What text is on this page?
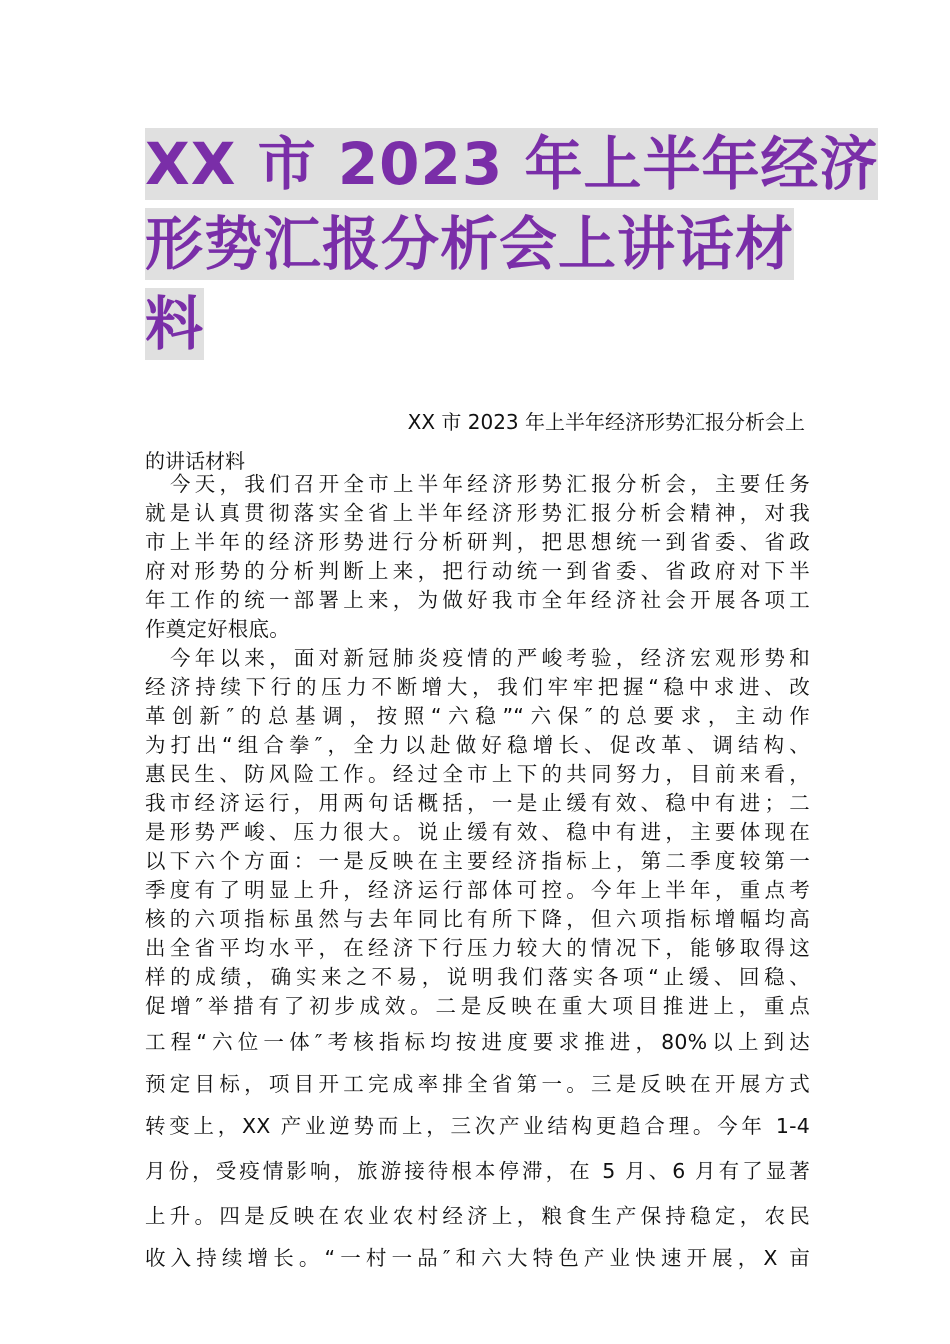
XX 市 2023 年上半年经济
形势汇报分析会上讲话材
料
XX 市 2023 年上半年经济形势汇报分析会上
的讲话材料
今天，我们召开全市上半年经济形势汇报分析会，主要任务
就是认真贯彻落实全省上半年经济形势汇报分析会精神，对我
市上半年的经济形势进行分析研判，把思想统一到省委、省政
府对形势的分析判断上来，把行动统一到省委、省政府对下半
年工作的统一部署上来，为做好我市全年经济社会开展各项工
作奠定好根底。
今年以来，面对新冠肺炎疫情的严峻考验，经济宏观形势和
经济持续下行的压力不断增大，我们牢牢把握“稳中求进、改
革创新″的总基调，按照“六稳”“六保″的总要求，主动作
为打出“组合拳″，全力以赴做好稳增长、促改革、调结构、
惠民生、防风险工作。经过全市上下的共同努力，目前来看，
我市经济运行，用两句话概括，一是止缓有效、稳中有进；二
是形势严峻、压力很大。说止缓有效、稳中有进，主要体现在
以下六个方面：一是反映在主要经济指标上，第二季度较第一
季度有了明显上升，经济运行部体可控。今年上半年，重点考
核的六项指标虽然与去年同比有所下降，但六项指标增幅均高
出全省平均水平，在经济下行压力较大的情况下，能够取得这
样的成绩，确实来之不易，说明我们落实各项“止缓、回稳、
促增″举措有了初步成效。二是反映在重大项目推进上，重点
工程“六位一体″考核指标均按进度要求推进，80%以上到达
预定目标，项目开工完成率排全省第一。三是反映在开展方式
转变上，XX 产业逆势而上，三次产业结构更趋合理。今年 1-4
月份，受疫情影响，旅游接待根本停滞，在 5 月、6 月有了显著
上升。四是反映在农业农村经济上，粮食生产保持稳定，农民
收入持续增长。“一村一品″和六大特色产业快速开展，X 亩
